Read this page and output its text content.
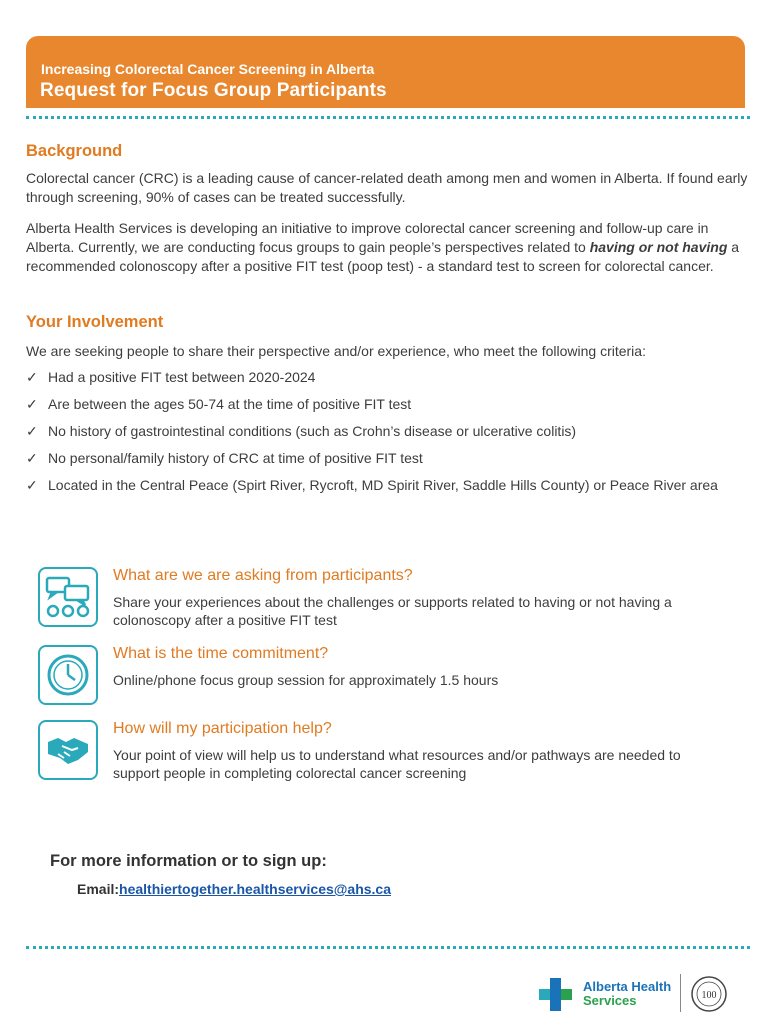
Increasing Colorectal Cancer Screening in Alberta
Request for Focus Group Participants
Background

Colorectal cancer (CRC) is a leading cause of cancer-related death among men and women in Alberta. If found early through screening, 90% of cases can be treated successfully.

Alberta Health Services is developing an initiative to improve colorectal cancer screening and follow-up care in Alberta. Currently, we are conducting focus groups to gain people’s perspectives related to having or not having a recommended colonoscopy after a positive FIT test (poop test) - a standard test to screen for colorectal cancer.

Your Involvement

We are seeking people to share their perspective and/or experience, who meet the following criteria:

✓ Had a positive FIT test between 2020-2024
✓ Are between the ages 50-74 at the time of positive FIT test
✓ No history of gastrointestinal conditions (such as Crohn’s disease or ulcerative colitis)
✓ No personal/family history of CRC at time of positive FIT test
✓ Located in the Central Peace (Spirt River, Rycroft, MD Spirit River, Saddle Hills County) or Peace River area
What are we are asking from participants?

Share your experiences about the challenges or supports related to having or not having a colonoscopy after a positive FIT test

What is the time commitment?

Online/phone focus group session for approximately 1.5 hours

How will my participation help?

Your point of view will help us to understand what resources and/or pathways are needed to support people in completing colorectal cancer screening

For more information or to sign up:
Email:healthiertogether.healthservices@ahs.ca
Alberta Health
Services	100
